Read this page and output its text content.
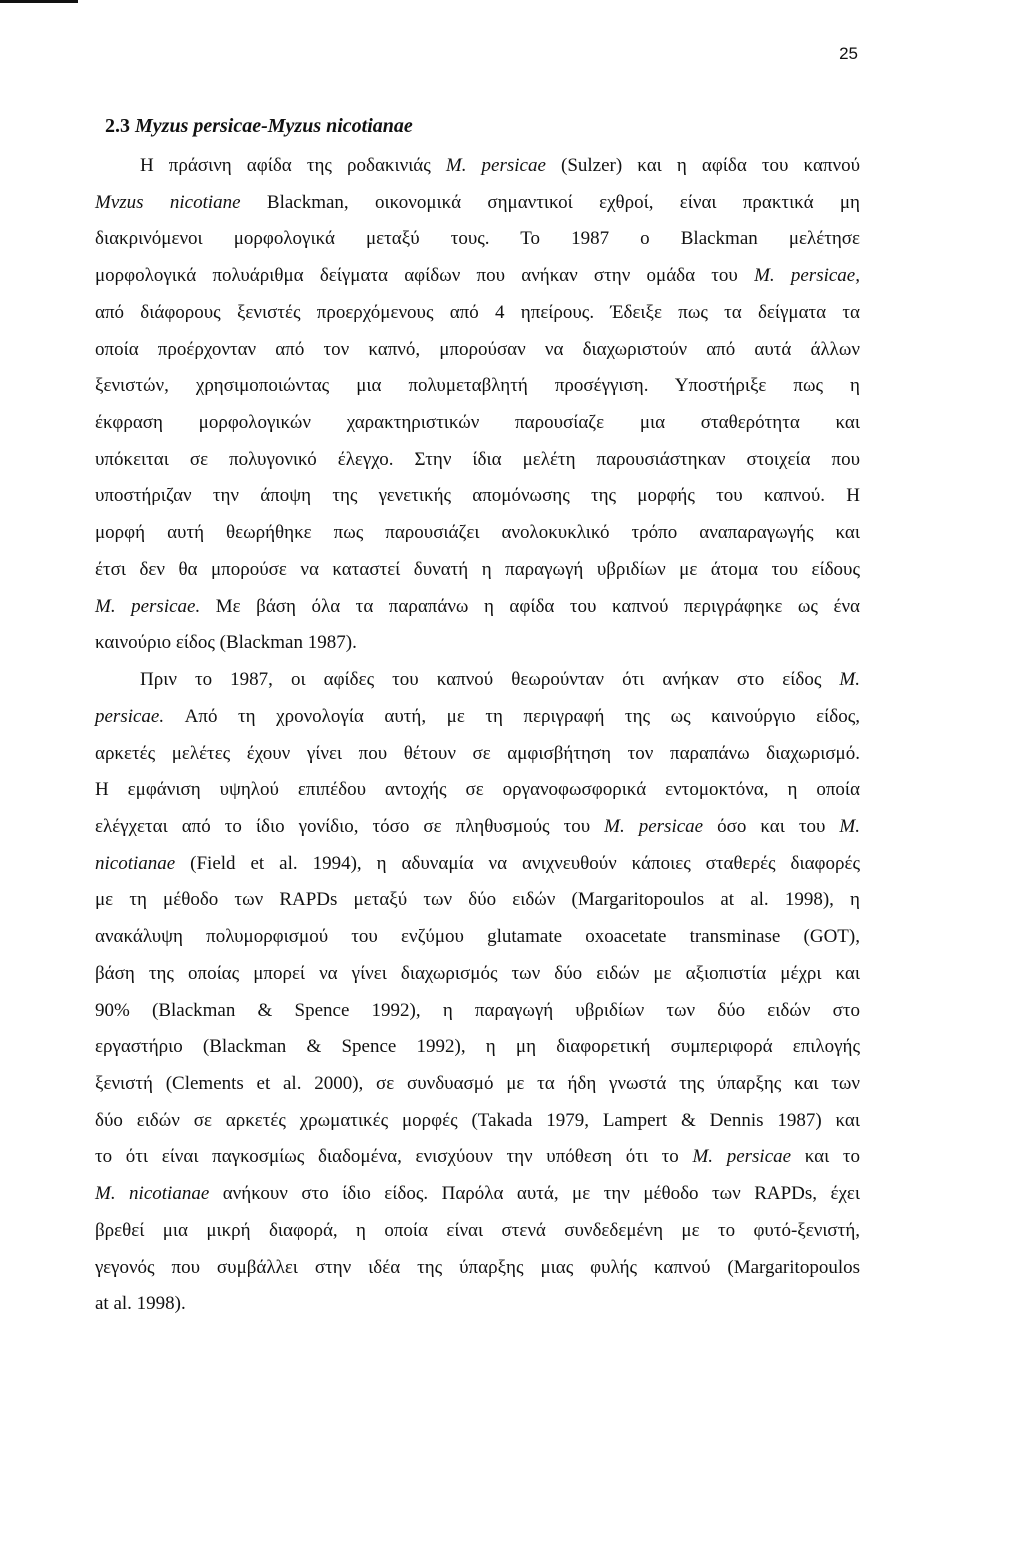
25
2.3 Myzus persicae-Myzus nicotianae
Η πράσινη αφίδα της ροδακινιάς M. persicae (Sulzer) και η αφίδα του καπνού
Mvzus nicotiane Blackman, οικονομικά σημαντικοί εχθροί, είναι πρακτικά μη
διακρινόμενοι μορφολογικά μεταξύ τους. Το 1987 ο Blackman μελέτησε
μορφολογικά πολυάριθμα δείγματα αφίδων που ανήκαν στην ομάδα του M. persicae,
από διάφορους ξενιστές προερχόμενους από 4 ηπείρους. Έδειξε πως τα δείγματα τα
οποία προέρχονταν από τον καπνό, μπορούσαν να διαχωριστούν από αυτά άλλων
ξενιστών, χρησιμοποιώντας μια πολυμεταβλητή προσέγγιση. Υποστήριξε πως η
έκφραση μορφολογικών χαρακτηριστικών παρουσίαζε μια σταθερότητα και
υπόκειται σε πολυγονικό έλεγχο. Στην ίδια μελέτη παρουσιάστηκαν στοιχεία που
υποστήριζαν την άποψη της γενετικής απομόνωσης της μορφής του καπνού. Η
μορφή αυτή θεωρήθηκε πως παρουσιάζει ανολοκυκλικό τρόπο αναπαραγωγής και
έτσι δεν θα μπορούσε να καταστεί δυνατή η παραγωγή υβριδίων με άτομα του είδους
M. persicae. Με βάση όλα τα παραπάνω η αφίδα του καπνού περιγράφηκε ως ένα
καινούριο είδος (Blackman 1987).
Πριν το 1987, οι αφίδες του καπνού θεωρούνταν ότι ανήκαν στο είδος M.
persicae. Από τη χρονολογία αυτή, με τη περιγραφή της ως καινούργιο είδος,
αρκετές μελέτες έχουν γίνει που θέτουν σε αμφισβήτηση τον παραπάνω διαχωρισμό.
Η εμφάνιση υψηλού επιπέδου αντοχής σε οργανοφωσφορικά εντομοκτόνα, η οποία
ελέγχεται από το ίδιο γονίδιο, τόσο σε πληθυσμούς του M. persicae όσο και του M.
nicotianae (Field et al. 1994), η αδυναμία να ανιχνευθούν κάποιες σταθερές διαφορές
με τη μέθοδο των RAPDs μεταξύ των δύο ειδών (Margaritopoulos at al. 1998), η
ανακάλυψη πολυμορφισμού του ενζύμου glutamate oxoacetate transminase (GOT),
βάση της οποίας μπορεί να γίνει διαχωρισμός των δύο ειδών με αξιοπιστία μέχρι και
90% (Blackman & Spence 1992), η παραγωγή υβριδίων των δύο ειδών στο
εργαστήριο (Blackman & Spence 1992), η μη διαφορετική συμπεριφορά επιλογής
ξενιστή (Clements et al. 2000), σε συνδυασμό με τα ήδη γνωστά της ύπαρξης και των
δύο ειδών σε αρκετές χρωματικές μορφές (Takada 1979, Lampert & Dennis 1987) και
το ότι είναι παγκοσμίως διαδομένα, ενισχύουν την υπόθεση ότι το M. persicae και το
M. nicotianae ανήκουν στο ίδιο είδος. Παρόλα αυτά, με την μέθοδο των RAPDs, έχει
βρεθεί μια μικρή διαφορά, η οποία είναι στενά συνδεδεμένη με το φυτό-ξενιστή,
γεγονός που συμβάλλει στην ιδέα της ύπαρξης μιας φυλής καπνού (Margaritopoulos
at al. 1998).
